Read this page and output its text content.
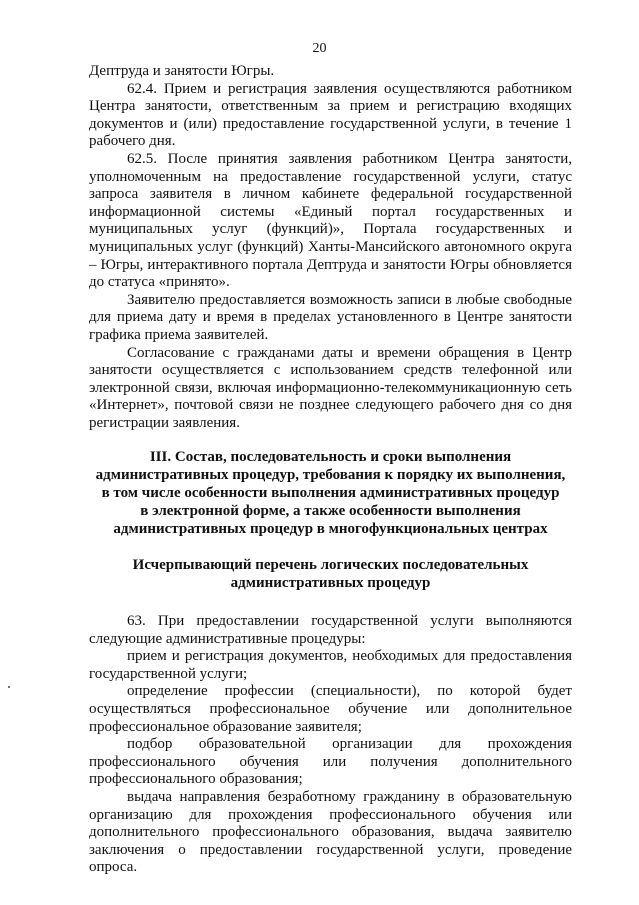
20

Дептруда и занятости Югры.

62.4. Прием и регистрация заявления осуществляются работником Центра занятости, ответственным за прием и регистрацию входящих документов и (или) предоставление государственной услуги, в течение 1 рабочего дня.

62.5. После принятия заявления работником Центра занятости, уполномоченным на предоставление государственной услуги, статус запроса заявителя в личном кабинете федеральной государственной информационной системы «Единый портал государственных и муниципальных услуг (функций)», Портала государственных и муниципальных услуг (функций) Ханты-Мансийского автономного округа – Югры, интерактивного портала Дептруда и занятости Югры обновляется до статуса «принято».

Заявителю предоставляется возможность записи в любые свободные для приема дату и время в пределах установленного в Центре занятости графика приема заявителей.

Согласование с гражданами даты и времени обращения в Центр занятости осуществляется с использованием средств телефонной или электронной связи, включая информационно-телекоммуникационную сеть «Интернет», почтовой связи не позднее следующего рабочего дня со дня регистрации заявления.

III. Состав, последовательность и сроки выполнения
административных процедур, требования к порядку их выполнения,
в том числе особенности выполнения административных процедур
в электронной форме, а также особенности выполнения
административных процедур в многофункциональных центрах
Исчерпывающий перечень логических последовательных
административных процедур

63. При предоставлении государственной услуги выполняются следующие административные процедуры:

прием и регистрация документов, необходимых для предоставления государственной услуги;

определение профессии (специальности), по которой будет осуществляться профессиональное обучение или дополнительное профессиональное образование заявителя;

подбор образовательной организации для прохождения профессионального обучения или получения дополнительного профессионального образования;

выдача направления безработному гражданину в образовательную организацию для прохождения профессионального обучения или дополнительного профессионального образования, выдача заявителю заключения о предоставлении государственной услуги, проведение опроса.
